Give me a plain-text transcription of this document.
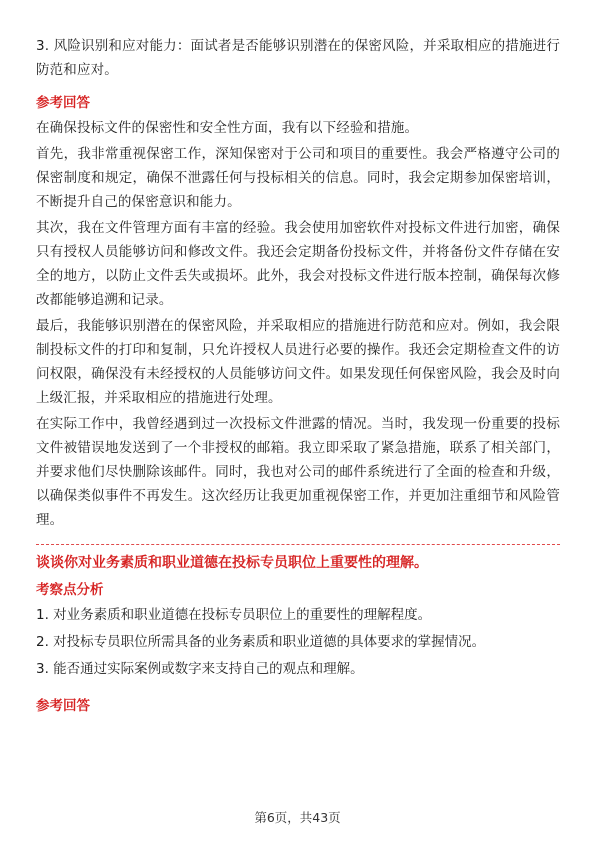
3. 风险识别和应对能力：面试者是否能够识别潜在的保密风险，并采取相应的措施进行防范和应对。

参考回答

在确保投标文件的保密性和安全性方面，我有以下经验和措施。

首先，我非常重视保密工作，深知保密对于公司和项目的重要性。我会严格遵守公司的保密制度和规定，确保不泄露任何与投标相关的信息。同时，我会定期参加保密培训，不断提升自己的保密意识和能力。

其次，我在文件管理方面有丰富的经验。我会使用加密软件对投标文件进行加密，确保只有授权人员能够访问和修改文件。我还会定期备份投标文件，并将备份文件存储在安全的地方，以防止文件丢失或损坏。此外，我会对投标文件进行版本控制，确保每次修改都能够追溯和记录。

最后，我能够识别潜在的保密风险，并采取相应的措施进行防范和应对。例如，我会限制投标文件的打印和复制，只允许授权人员进行必要的操作。我还会定期检查文件的访问权限，确保没有未经授权的人员能够访问文件。如果发现任何保密风险，我会及时向上级汇报，并采取相应的措施进行处理。

在实际工作中，我曾经遇到过一次投标文件泄露的情况。当时，我发现一份重要的投标文件被错误地发送到了一个非授权的邮箱。我立即采取了紧急措施，联系了相关部门，并要求他们尽快删除该邮件。同时，我也对公司的邮件系统进行了全面的检查和升级，以确保类似事件不再发生。这次经历让我更加重视保密工作，并更加注重细节和风险管理。

谈谈你对业务素质和职业道德在投标专员职位上重要性的理解。
考察点分析
1. 对业务素质和职业道德在投标专员职位上的重要性的理解程度。
2. 对投标专员职位所需具备的业务素质和职业道德的具体要求的掌握情况。
3. 能否通过实际案例或数字来支持自己的观点和理解。
参考回答
第6页，共43页
